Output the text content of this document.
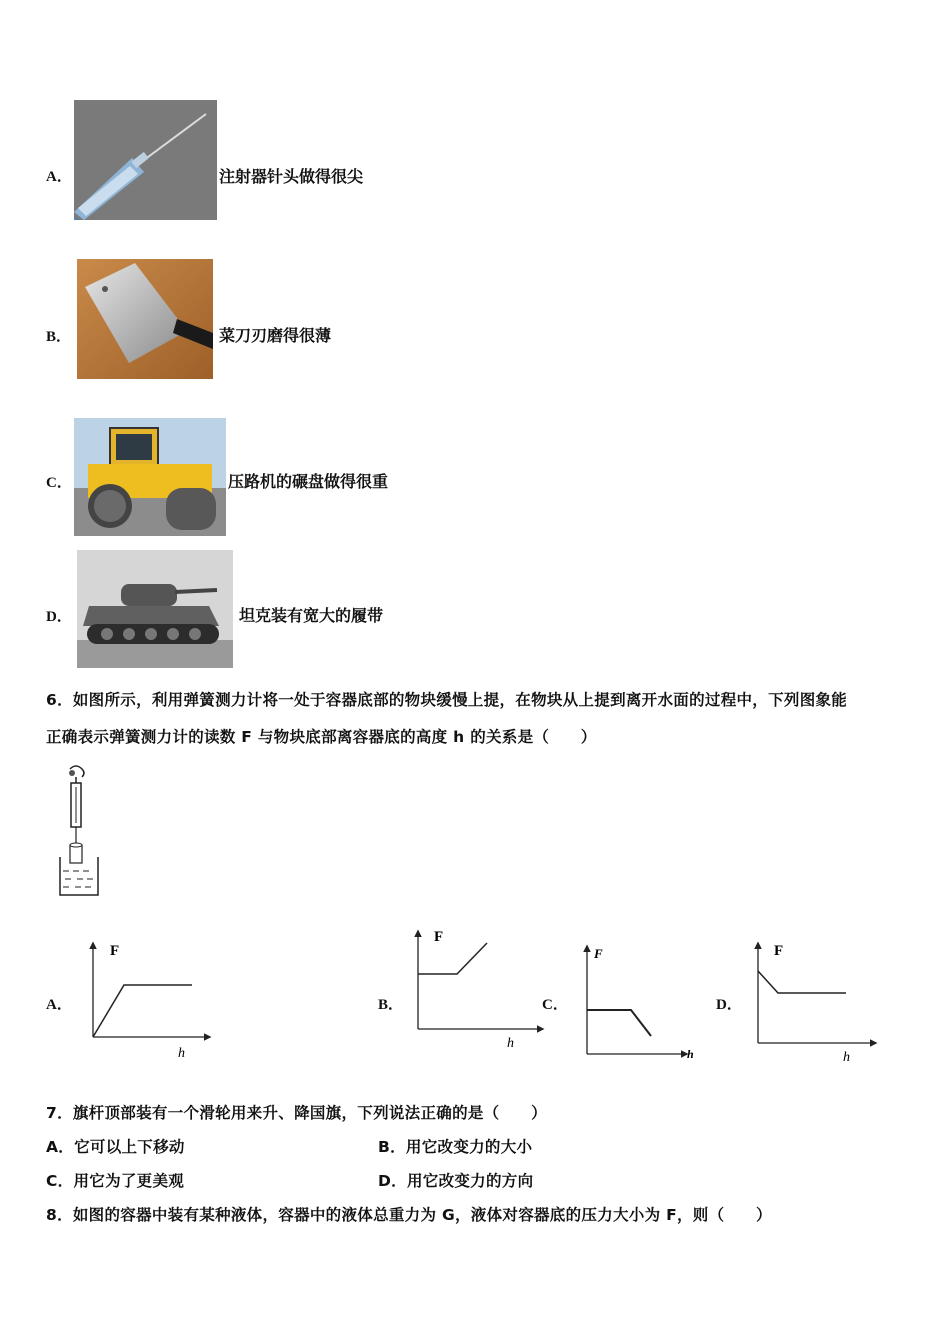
A．	注射器针头做得很尖
B．	菜刀刃磨得很薄
C．	压路机的碾盘做得很重
D．	坦克装有宽大的履带
6．如图所示，利用弹簧测力计将一处于容器底部的物块缓慢上提，在物块从上提到离开水面的过程中，下列图象能
正确表示弹簧测力计的读数 F 与物块底部离容器底的高度 h 的关系是（　　）
A．
F
h
B．
F
h
C．
F
h
D．
F
h
7．旗杆顶部装有一个滑轮用来升、降国旗，下列说法正确的是（　　）
A．它可以上下移动	B．用它改变力的大小
C．用它为了更美观	D．用它改变力的方向
8．如图的容器中装有某种液体，容器中的液体总重力为 G，液体对容器底的压力大小为 F，则（　　）
